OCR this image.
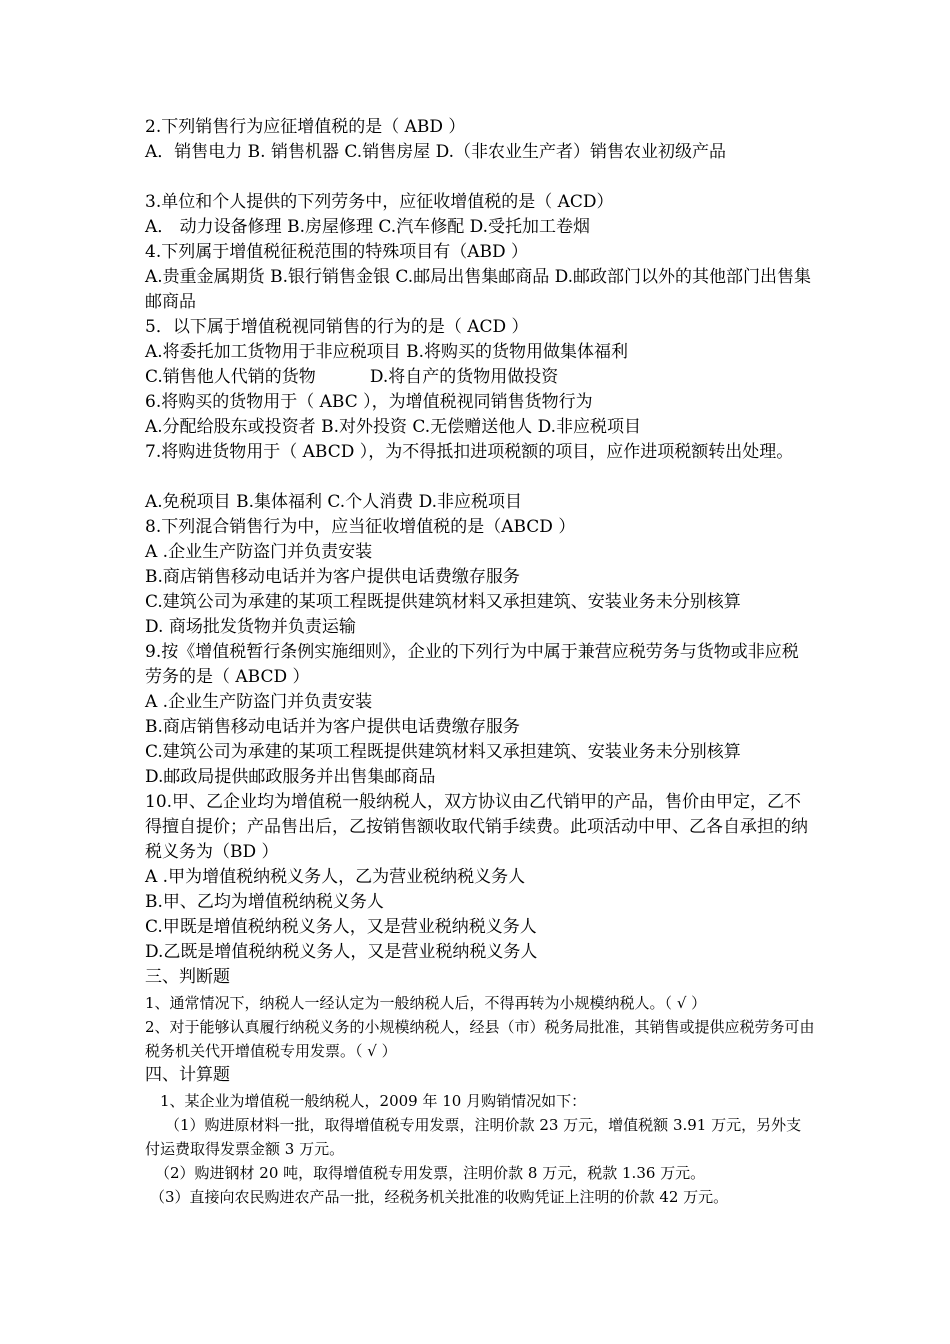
2.下列销售行为应征增值税的是（ ABD ）
A．销售电力 B. 销售机器 C.销售房屋 D.（非农业生产者）销售农业初级产品
3.单位和个人提供的下列劳务中，应征收增值税的是（ ACD）
A． 动力设备修理 B.房屋修理 C.汽车修配 D.受托加工卷烟
4.下列属于增值税征税范围的特殊项目有（ABD ）
A.贵重金属期货 B.银行销售金银 C.邮局出售集邮商品 D.邮政部门以外的其他部门出售集邮商品
5．以下属于增值税视同销售的行为的是（ ACD ）
A.将委托加工货物用于非应税项目 B.将购买的货物用做集体福利
C.销售他人代销的货物          D.将自产的货物用做投资
6.将购买的货物用于（ ABC ），为增值税视同销售货物行为
A.分配给股东或投资者 B.对外投资 C.无偿赠送他人 D.非应税项目
7.将购进货物用于（ ABCD ），为不得抵扣进项税额的项目，应作进项税额转出处理。
A.免税项目 B.集体福利 C.个人消费 D.非应税项目
8.下列混合销售行为中，应当征收增值税的是（ABCD ）
A .企业生产防盗门并负责安装
B.商店销售移动电话并为客户提供电话费缴存服务
C.建筑公司为承建的某项工程既提供建筑材料又承担建筑、安装业务未分别核算
D. 商场批发货物并负责运输
9.按《增值税暂行条例实施细则》，企业的下列行为中属于兼营应税劳务与货物或非应税劳务的是（ ABCD ）
A .企业生产防盗门并负责安装
B.商店销售移动电话并为客户提供电话费缴存服务
C.建筑公司为承建的某项工程既提供建筑材料又承担建筑、安装业务未分别核算
D.邮政局提供邮政服务并出售集邮商品
10.甲、乙企业均为增值税一般纳税人，双方协议由乙代销甲的产品，售价由甲定，乙不得擅自提价；产品售出后，乙按销售额收取代销手续费。此项活动中甲、乙各自承担的纳税义务为（BD ）
A .甲为增值税纳税义务人，乙为营业税纳税义务人
B.甲、乙均为增值税纳税义务人
C.甲既是增值税纳税义务人，又是营业税纳税义务人
D.乙既是增值税纳税义务人，又是营业税纳税义务人
三、判断题
1、通常情况下，纳税人一经认定为一般纳税人后，不得再转为小规模纳税人。（ √ ）
2、对于能够认真履行纳税义务的小规模纳税人，经县（市）税务局批准，其销售或提供应税劳务可由税务机关代开增值税专用发票。（ √ ）
四、计算题
1、某企业为增值税一般纳税人，2009 年 10 月购销情况如下：
（1）购进原材料一批，取得增值税专用发票，注明价款 23 万元，增值税额 3.91 万元，另外支付运费取得发票金额 3 万元。
（2）购进钢材 20 吨，取得增值税专用发票，注明价款 8 万元，税款 1.36 万元。
（3）直接向农民购进农产品一批，经税务机关批准的收购凭证上注明的价款 42 万元。
